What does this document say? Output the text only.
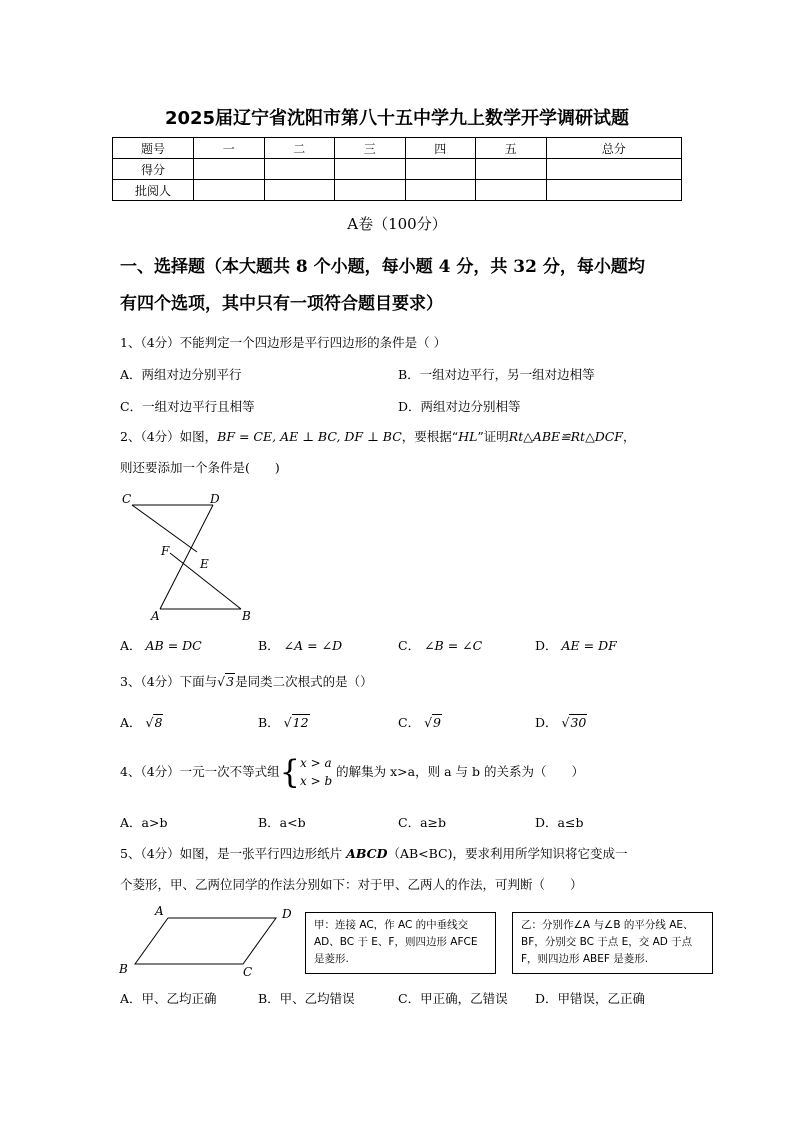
2025届辽宁省沈阳市第八十五中学九上数学开学调研试题
题号	一	二	三	四	五	总分
得分						
批阅人						
A卷（100分）
一、选择题（本大题共 8 个小题，每小题 4 分，共 32 分，每小题均
有四个选项，其中只有一项符合题目要求）
1、（4分）不能判定一个四边形是平行四边形的条件是（ ）
A．两组对边分别平行	B．一组对边平行，另一组对边相等
C．一组对边平行且相等	D．两组对边分别相等
2、（4分）如图，BF = CE, AE ⊥ BC, DF ⊥ BC，要根据“HL”证明Rt△ABE≌Rt△DCF，
则还要添加一个条件是(　　)
C	D
F
E
A	B
A． AB = DC	B． ∠A = ∠D	C． ∠B = ∠C	D． AE = DF
3、（4分）下面与√3是同类二次根式的是（）
A． √8	B． √12	C． √9	D． √30
4、（4分）一元一次不等式组{ x > a
x > b
的解集为 x>a，则 a 与 b 的关系为（　　）
A．a>b	B．a<b	C．a≥b	D．a≤b
5、（4分）如图，是一张平行四边形纸片 ABCD（AB<BC)，要求利用所学知识将它变成一
个菱形，甲、乙两位同学的作法分别如下：对于甲、乙两人的作法，可判断（　　）
A	D
B	C
甲：连接 AC，作 AC 的中垂线交 AD、BC 于 E、F，则四边形 AFCE 是菱形.
乙：分别作∠A 与∠B 的平分线 AE、BF，分别交 BC 于点 E，交 AD 于点 F，则四边形 ABEF 是菱形.
A．甲、乙均正确	B．甲、乙均错误	C．甲正确，乙错误 D．甲错误，乙正确
